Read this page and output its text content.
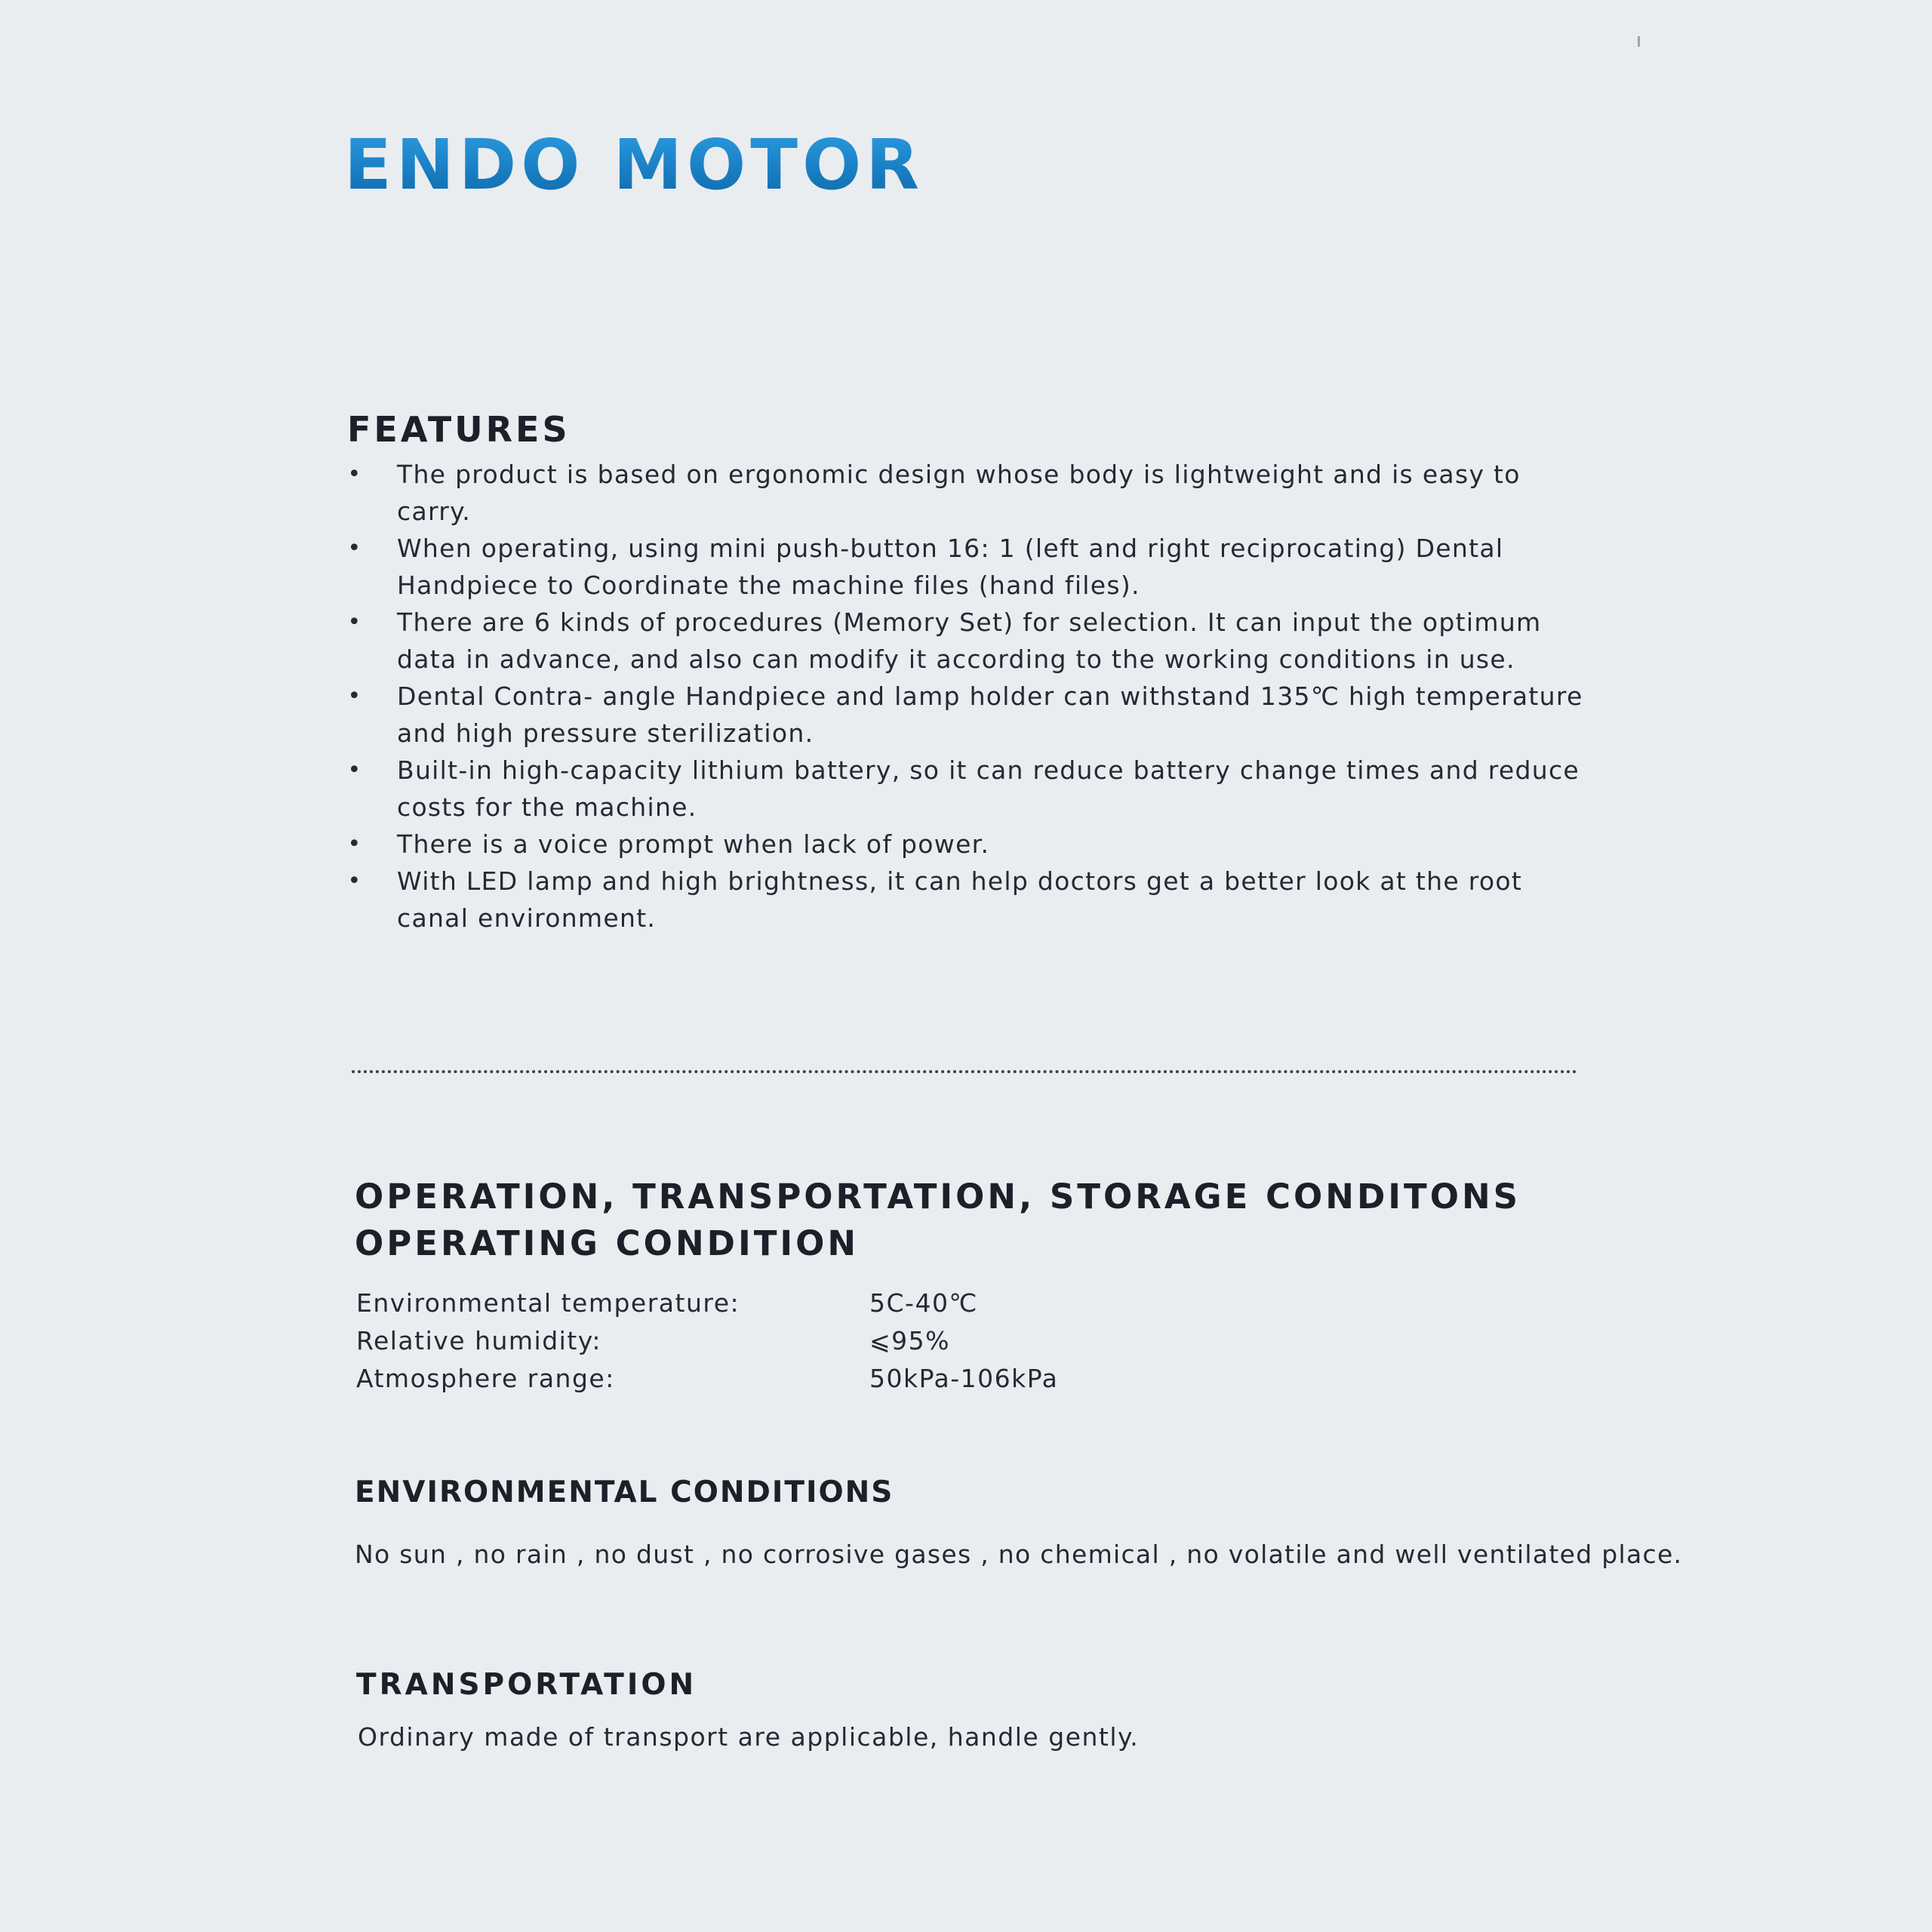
ENDO MOTOR
FEATURES
• The product is based on ergonomic design whose body is lightweight and is easy to carry.
• When operating, using mini push-button 16: 1 (left and right reciprocating) Dental Handpiece to Coordinate the machine files (hand files).
• There are 6 kinds of procedures (Memory Set) for selection. It can input the optimum data in advance, and also can modify it according to the working conditions in use.
• Dental Contra- angle Handpiece and lamp holder can withstand 135℃ high temperature and high pressure sterilization.
• Built-in high-capacity lithium battery, so it can reduce battery change times and reduce costs for the machine.
• There is a voice prompt when lack of power.
• With LED lamp and high brightness, it can help doctors get a better look at the root canal environment.
OPERATION, TRANSPORTATION, STORAGE CONDITONS
OPERATING CONDITION
Environmental temperature:	5C-40℃
Relative humidity:	⩽95%
Atmosphere range:	50kPa-106kPa
ENVIRONMENTAL CONDITIONS

No sun , no rain , no dust , no corrosive gases , no chemical , no volatile and well ventilated place.

TRANSPORTATION

Ordinary made of transport are applicable, handle gently.
